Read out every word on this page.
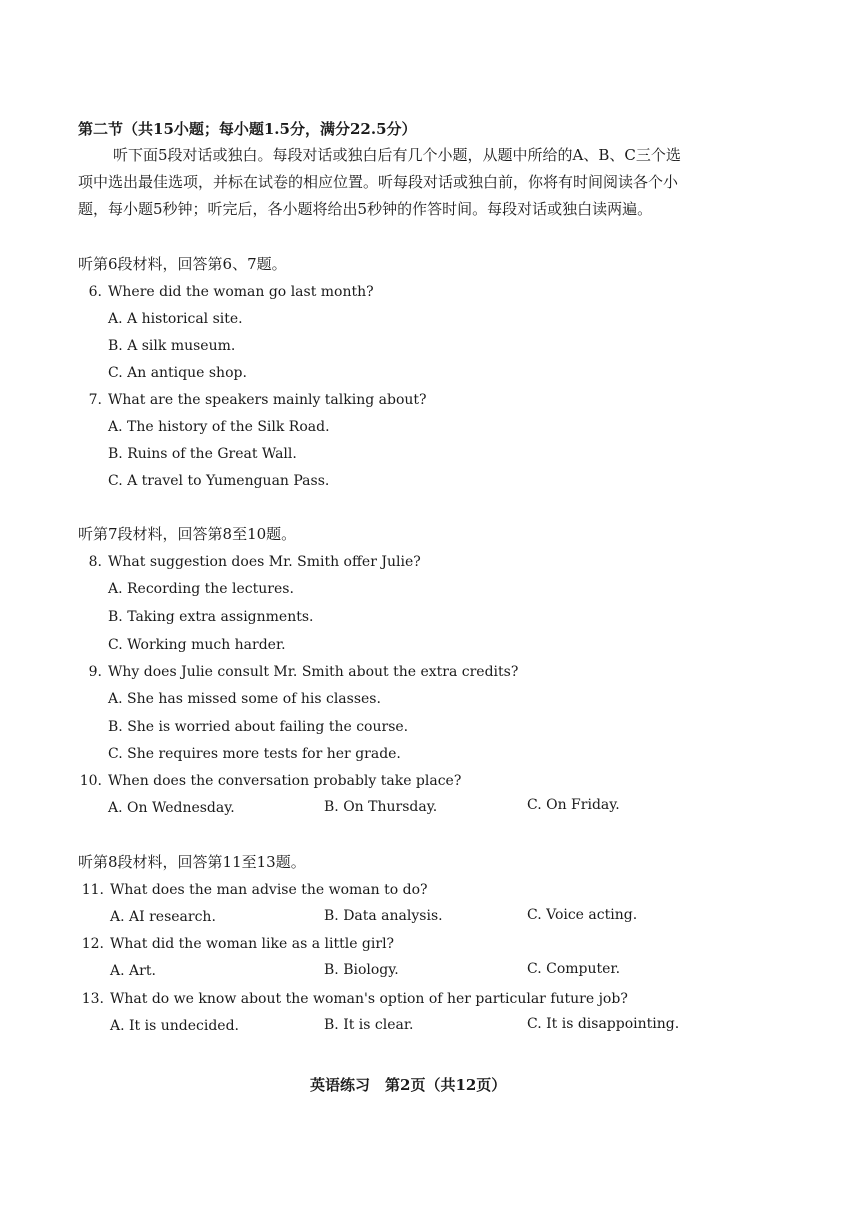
第二节（共15小题；每小题1.5分，满分22.5分）
听下面5段对话或独白。每段对话或独白后有几个小题，从题中所给的A、B、C三个选
项中选出最佳选项，并标在试卷的相应位置。听每段对话或独白前，你将有时间阅读各个小
题，每小题5秒钟；听完后，各小题将给出5秒钟的作答时间。每段对话或独白读两遍。
听第6段材料，回答第6、7题。
6. Where did the woman go last month?
A. A historical site.
B. A silk museum.
C. An antique shop.
7. What are the speakers mainly talking about?
A. The history of the Silk Road.
B. Ruins of the Great Wall.
C. A travel to Yumenguan Pass.
听第7段材料，回答第8至10题。
8. What suggestion does Mr. Smith offer Julie?
A. Recording the lectures.
B. Taking extra assignments.
C. Working much harder.
9. Why does Julie consult Mr. Smith about the extra credits?
A. She has missed some of his classes.
B. She is worried about failing the course.
C. She requires more tests for her grade.
10. When does the conversation probably take place?
A. On Wednesday.	B. On Thursday.	C. On Friday.
听第8段材料，回答第11至13题。
11. What does the man advise the woman to do?
A. AI research.	B. Data analysis.	C. Voice acting.
12. What did the woman like as a little girl?
A. Art.	B. Biology.	C. Computer.
13. What do we know about the woman's option of her particular future job?
A. It is undecided.	B. It is clear.	C. It is disappointing.
英语练习　第2页（共12页）
